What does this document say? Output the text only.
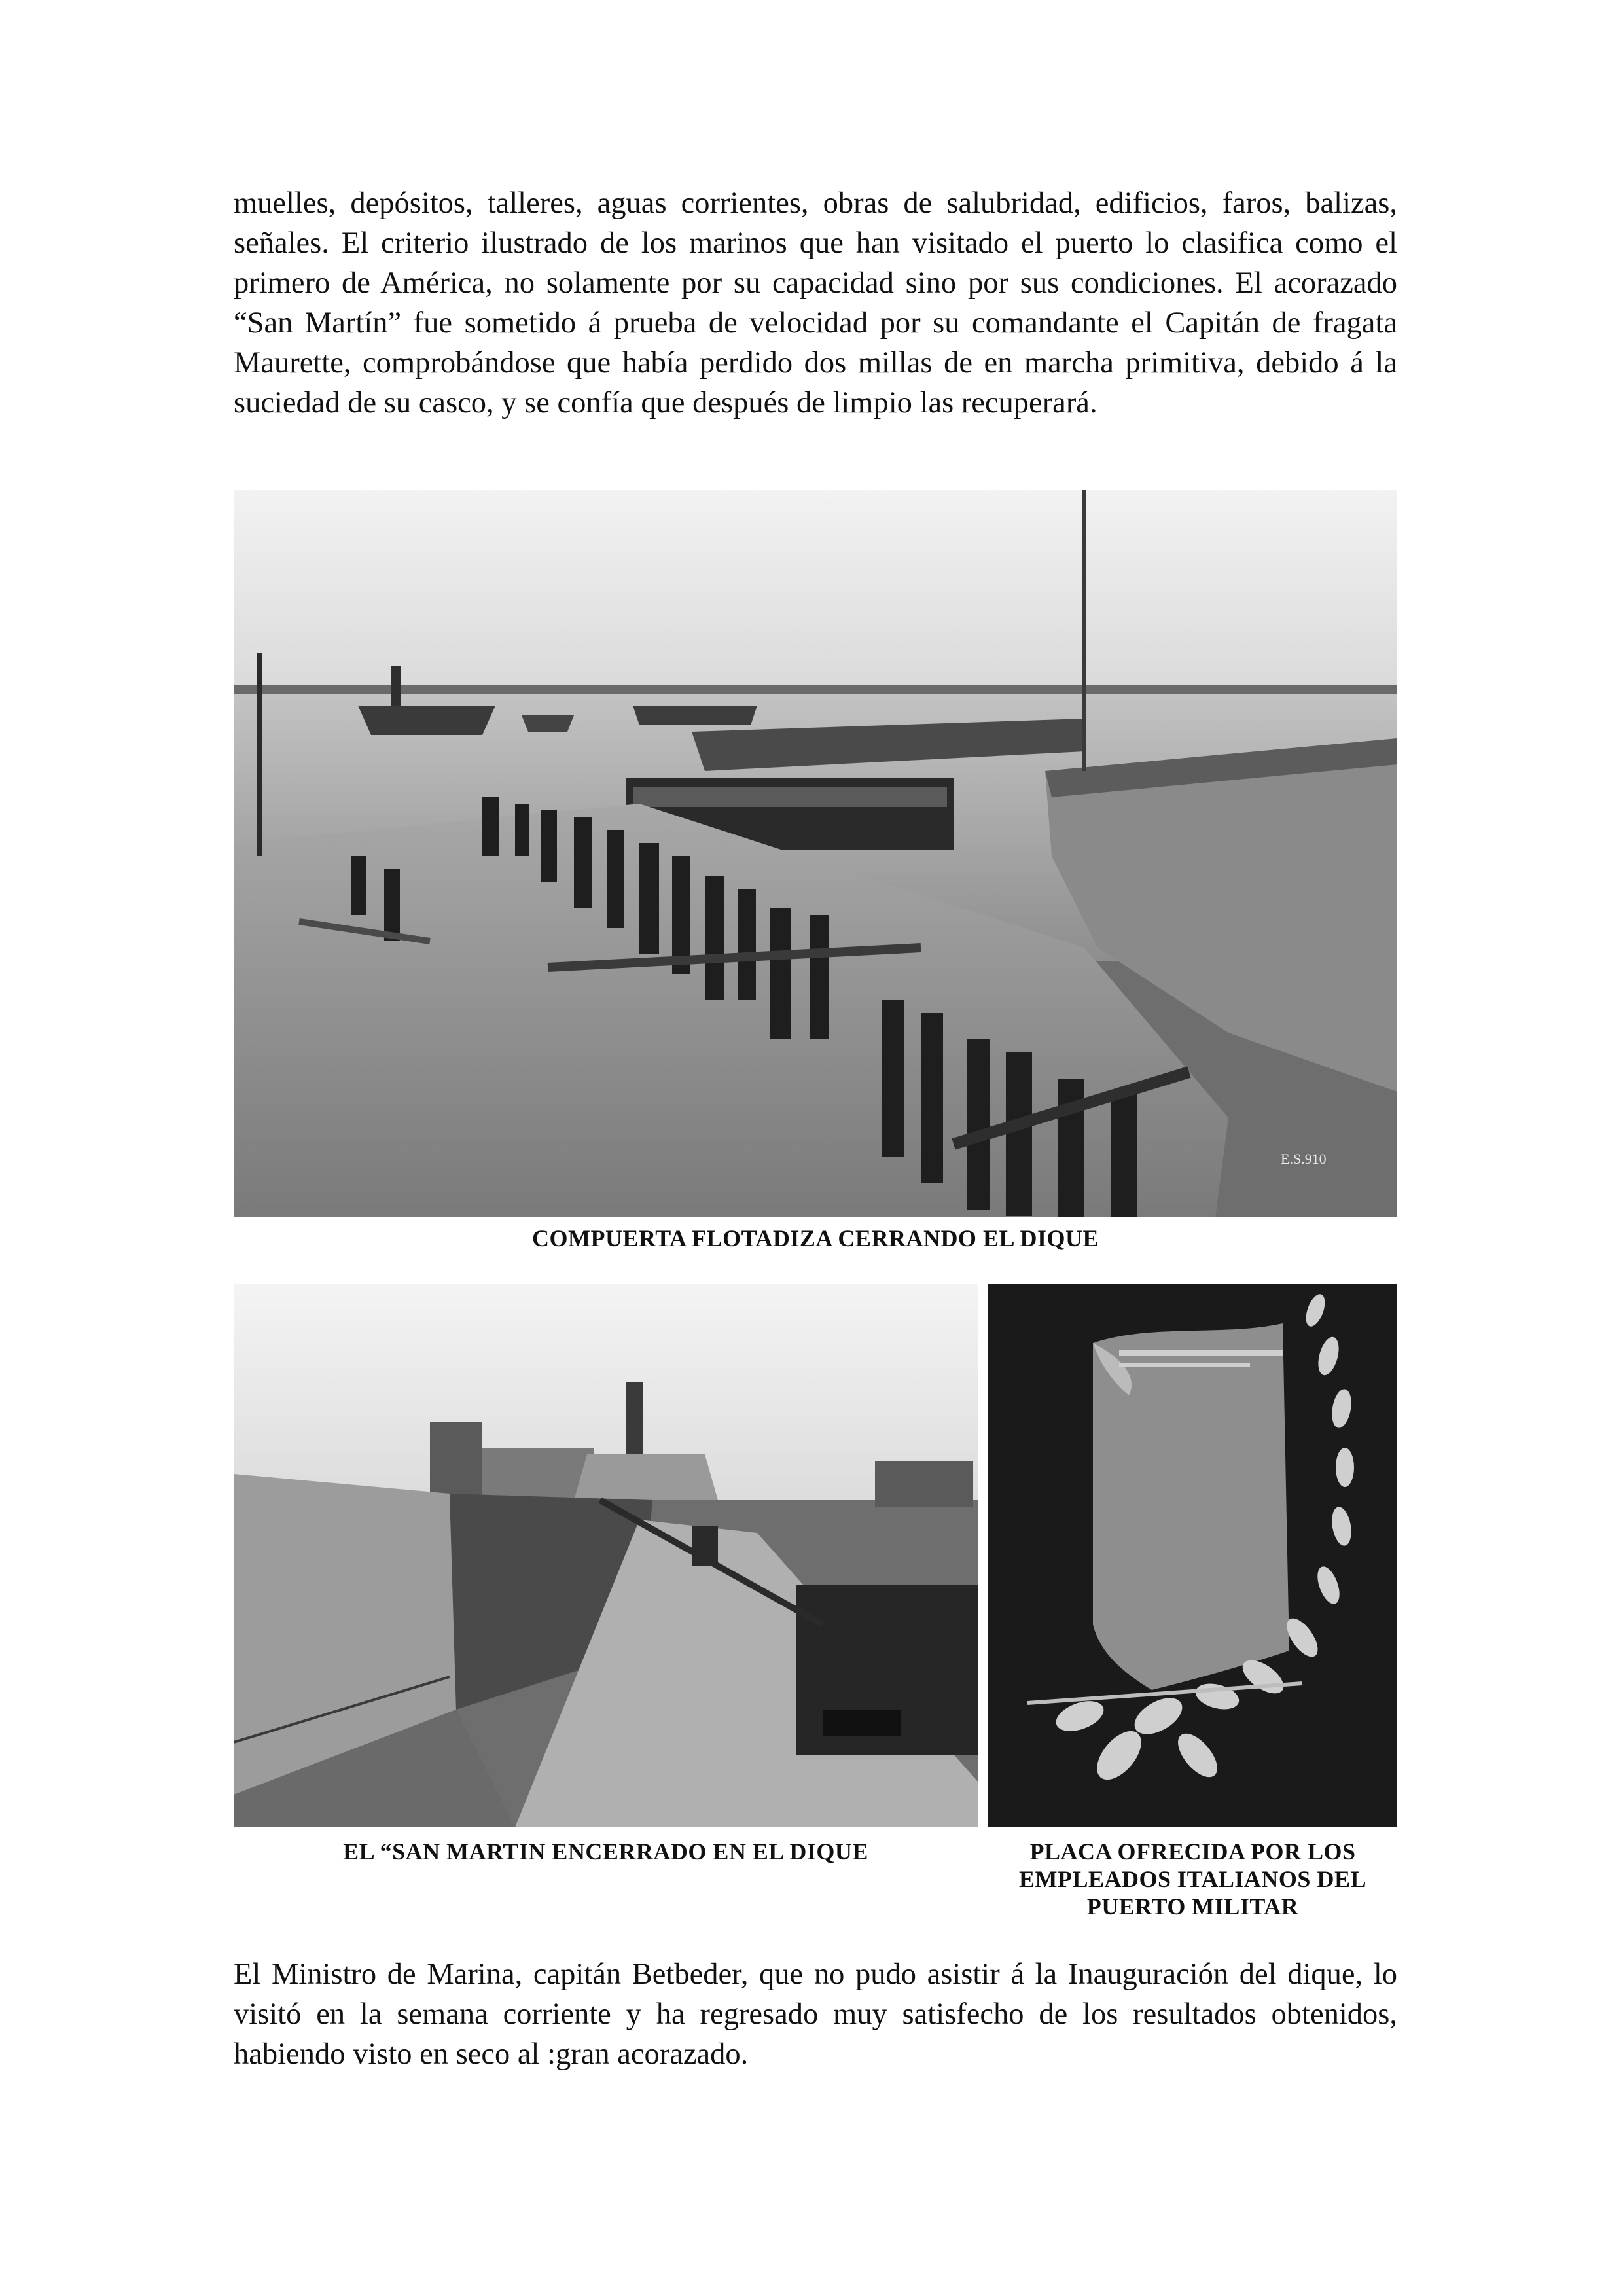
muelles, depósitos, talleres, aguas corrientes, obras de salubridad, edificios, faros, balizas, señales. El criterio ilustrado de los marinos que han visitado el puerto lo clasifica como el primero de América, no solamente por su capacidad sino por sus condiciones. El acorazado “San Martín” fue sometido á prueba de velocidad por su comandante el Capitán de fragata Maurette, comprobándose que había perdido dos millas de en marcha primitiva, debido á la suciedad de su casco, y se confía que después de limpio las recuperará.

E.S.910

COMPUERTA FLOTADIZA CERRANDO EL DIQUE

EL “SAN MARTIN ENCERRADO EN EL DIQUE	PLACA OFRECIDA POR LOS
EMPLEADOS ITALIANOS DEL
PUERTO MILITAR

El Ministro de Marina, capitán Betbeder, que no pudo asistir á la Inauguración del dique, lo visitó en la semana corriente y ha regresado muy satisfecho de los resultados obtenidos, habiendo visto en seco al :gran acorazado.
